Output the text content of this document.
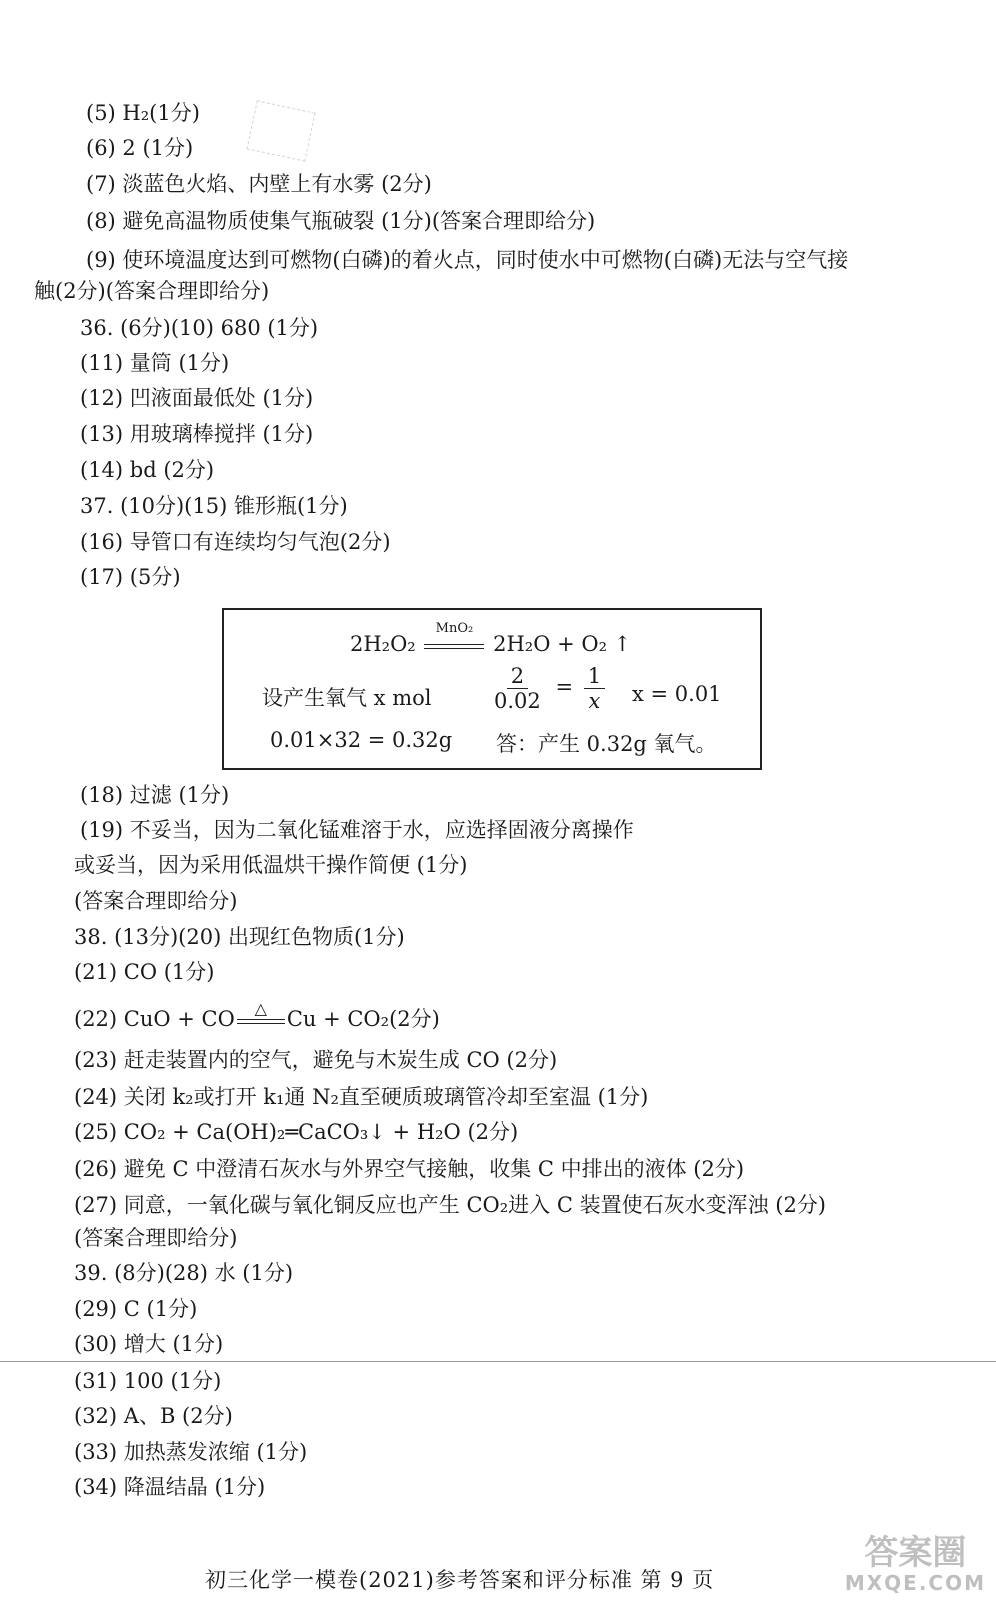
(5) H₂(1分)
(6) 2 (1分)
(7) 淡蓝色火焰、内壁上有水雾 (2分)
(8) 避免高温物质使集气瓶破裂 (1分)(答案合理即给分)
(9) 使环境温度达到可燃物(白磷)的着火点，同时使水中可燃物(白磷)无法与空气接
触(2分)(答案合理即给分)
36. (6分)(10) 680 (1分)
(11) 量筒 (1分)
(12) 凹液面最低处 (1分)
(13) 用玻璃棒搅拌 (1分)
(14) bd (2分)
37. (10分)(15) 锥形瓶(1分)
(16) 导管口有连续均匀气泡(2分)
(17) (5分)
2H₂O₂
MnO₂
2H₂O + O₂ ↑
设产生氧气 x mol	$\frac{2}{0.02} = \frac{1}{x}$ x = 0.01
0.01×32 = 0.32g 答：产生 0.32g 氧气。
(18) 过滤 (1分)
(19) 不妥当，因为二氧化锰难溶于水，应选择固液分离操作
或妥当，因为采用低温烘干操作简便 (1分)
(答案合理即给分)
38. (13分)(20) 出现红色物质(1分)
(21) CO (1分)
(22) CuO + CO	△ Cu + CO₂(2分)
(23) 赶走装置内的空气，避免与木炭生成 CO (2分)
(24) 关闭 k₂或打开 k₁通 N₂直至硬质玻璃管冷却至室温 (1分)
(25) CO₂ + Ca(OH)₂═CaCO₃↓ + H₂O (2分)
(26) 避免 C 中澄清石灰水与外界空气接触，收集 C 中排出的液体 (2分)
(27) 同意，一氧化碳与氧化铜反应也产生 CO₂进入 C 装置使石灰水变浑浊 (2分)
(答案合理即给分)
39. (8分)(28) 水 (1分)
(29) C (1分)
(30) 增大 (1分)
(31) 100 (1分)
(32) A、B (2分)
(33) 加热蒸发浓缩 (1分)
(34) 降温结晶 (1分)
初三化学一模卷(2021)参考答案和评分标准 第 9 页
答案圈
MXQE.COM
